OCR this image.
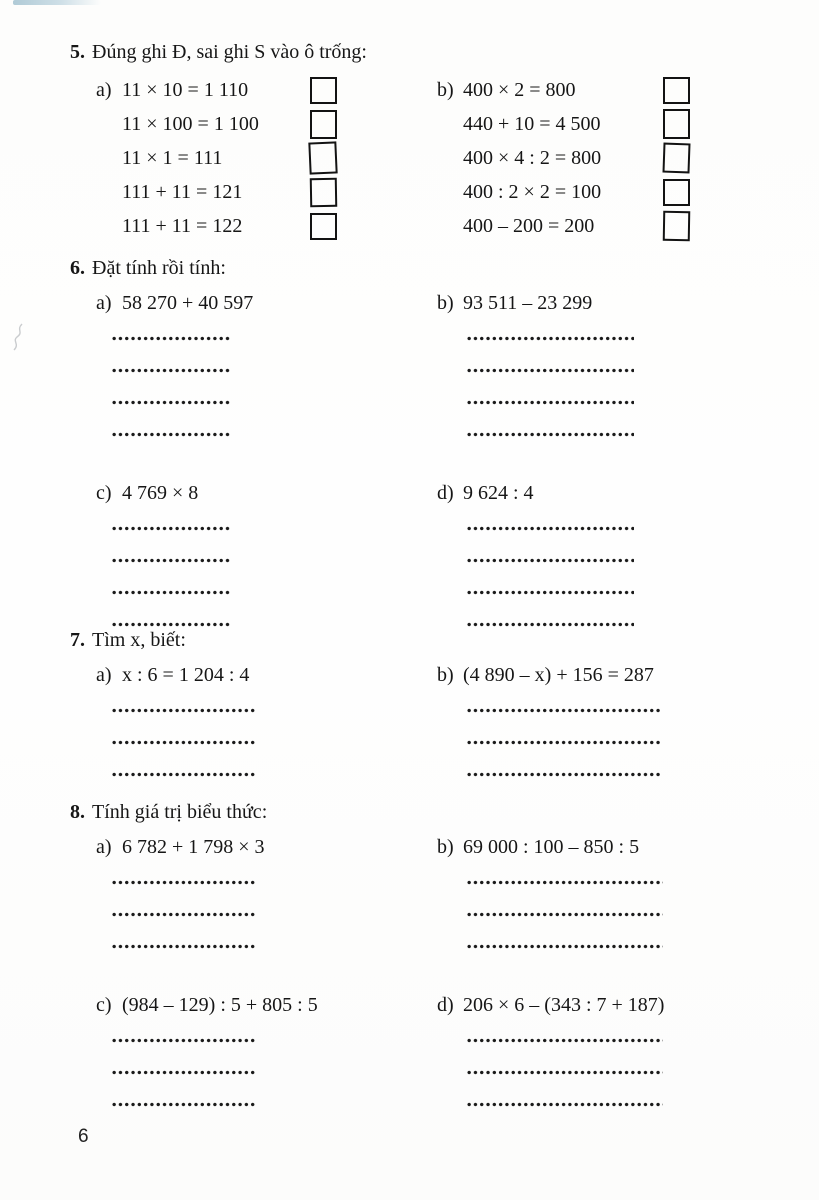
5. Đúng ghi Đ, sai ghi S vào ô trống:
a) 11 × 10 = 1 110
11 × 100 = 1 100
11 × 1 = 111
111 + 11 = 121
111 + 11 = 122
b) 400 × 2 = 800
440 + 10 = 4 500
400 × 4 : 2 = 800
400 : 2 × 2 = 100
400 – 200 = 200
6. Đặt tính rồi tính:
a) 58 270 + 40 597	b) 93 511 – 23 299
c) 4 769 × 8	d) 9 624 : 4
7. Tìm x, biết:
a) x : 6 = 1 204 : 4	b) (4 890 – x) + 156 = 287
8. Tính giá trị biểu thức:
a) 6 782 + 1 798 × 3	b) 69 000 : 100 – 850 : 5
c) (984 – 129) : 5 + 805 : 5	d) 206 × 6 – (343 : 7 + 187)
6
